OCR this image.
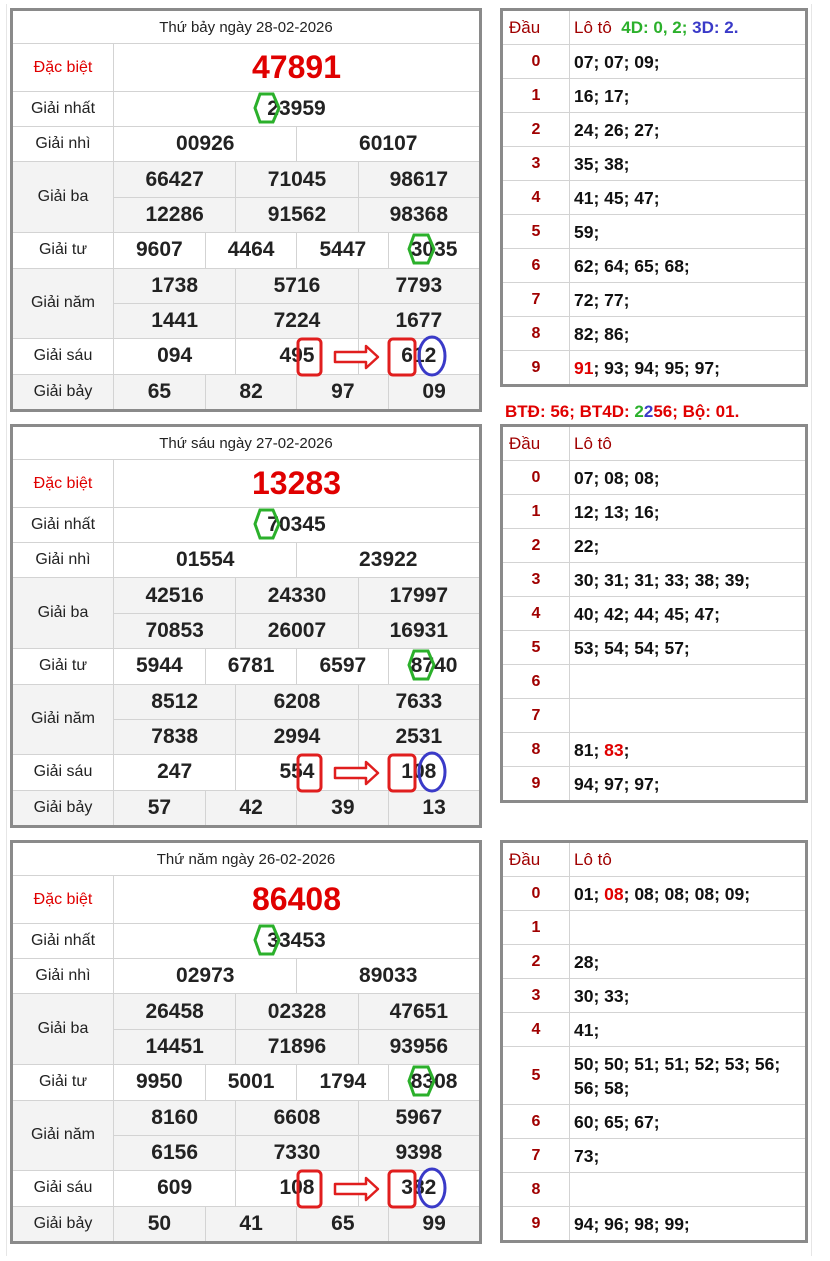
Thứ bảy ngày 28-02-2026						
Đặc biệt	47891					
Giải nhất	23959					
Giải nhì	00926			60107		
Giải ba	66427		71045		98617	
	12286		91562		98368	
Giải tư	9607	4464		5447		3035
Giải năm	1738		5716		7793	
	1441		7224		1677	
Giải sáu	094		495		612	
Giải bảy	65	82		97		09
Đầu	Lô tô 4D: 0, 2; 3D: 2.
0	07; 07; 09;
1	16; 17;
2	24; 26; 27;
3	35; 38;
4	41; 45; 47;
5	59;
6	62; 64; 65; 68;
7	72; 77;
8	82; 86;
9	91; 93; 94; 95; 97;
BTĐ: 56; BT4D: 2256; Bộ: 01.
Thứ sáu ngày 27-02-2026						
Đặc biệt	13283					
Giải nhất	70345					
Giải nhì	01554			23922		
Giải ba	42516		24330		17997	
	70853		26007		16931	
Giải tư	5944	6781		6597		8740
Giải năm	8512		6208		7633	
	7838		2994		2531	
Giải sáu	247		554		108	
Giải bảy	57	42		39		13
Đầu	Lô tô
0	07; 08; 08;
1	12; 13; 16;
2	22;
3	30; 31; 31; 33; 38; 39;
4	40; 42; 44; 45; 47;
5	53; 54; 54; 57;
6	
7	
8	81; 83;
9	94; 97; 97;
Thứ năm ngày 26-02-2026						
Đặc biệt	86408					
Giải nhất	33453					
Giải nhì	02973			89033		
Giải ba	26458		02328		47651	
	14451		71896		93956	
Giải tư	9950	5001		1794		8308
Giải năm	8160		6608		5967	
	6156		7330		9398	
Giải sáu	609		108		382	
Giải bảy	50	41		65		99
Đầu	Lô tô
0	01; 08; 08; 08; 08; 09;
1	
2	28;
3	30; 33;
4	41;
5	50; 50; 51; 51; 52; 53; 56; 56; 58;
6	60; 65; 67;
7	73;
8	
9	94; 96; 98; 99;
